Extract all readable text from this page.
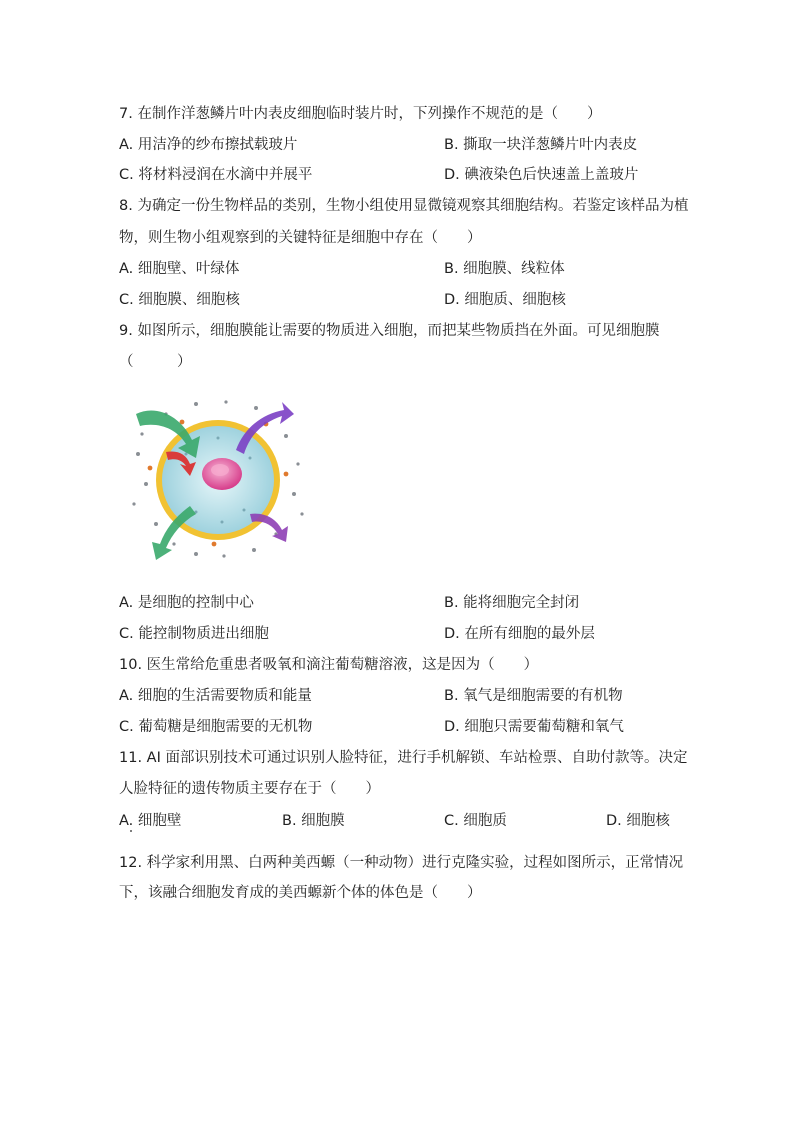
7. 在制作洋葱鳞片叶内表皮细胞临时装片时，下列操作不规范的是（　　）
A. 用洁净的纱布擦拭载玻片	B. 撕取一块洋葱鳞片叶内表皮
C. 将材料浸润在水滴中并展平	D. 碘液染色后快速盖上盖玻片
8. 为确定一份生物样品的类别，生物小组使用显微镜观察其细胞结构。若鉴定该样品为植
物，则生物小组观察到的关键特征是细胞中存在（　　）
A. 细胞壁、叶绿体	B. 细胞膜、线粒体
C. 细胞膜、细胞核	D. 细胞质、细胞核
9. 如图所示，细胞膜能让需要的物质进入细胞，而把某些物质挡在外面。可见细胞膜
（　　　）
A. 是细胞的控制中心	B. 能将细胞完全封闭
C. 能控制物质进出细胞	D. 在所有细胞的最外层
10. 医生常给危重患者吸氧和滴注葡萄糖溶液，这是因为（　　）
A. 细胞的生活需要物质和能量	B. 氧气是细胞需要的有机物
C. 葡萄糖是细胞需要的无机物	D. 细胞只需要葡萄糖和氧气
11. AI 面部识别技术可通过识别人脸特征，进行手机解锁、车站检票、自助付款等。决定
人脸特征的遗传物质主要存在于（　　）
A. 细胞壁	B. 细胞膜	C. 细胞质	D. 细胞核
12. 科学家利用黑、白两种美西螈（一种动物）进行克隆实验，过程如图所示，正常情况
下，该融合细胞发育成的美西螈新个体的体色是（　　）
